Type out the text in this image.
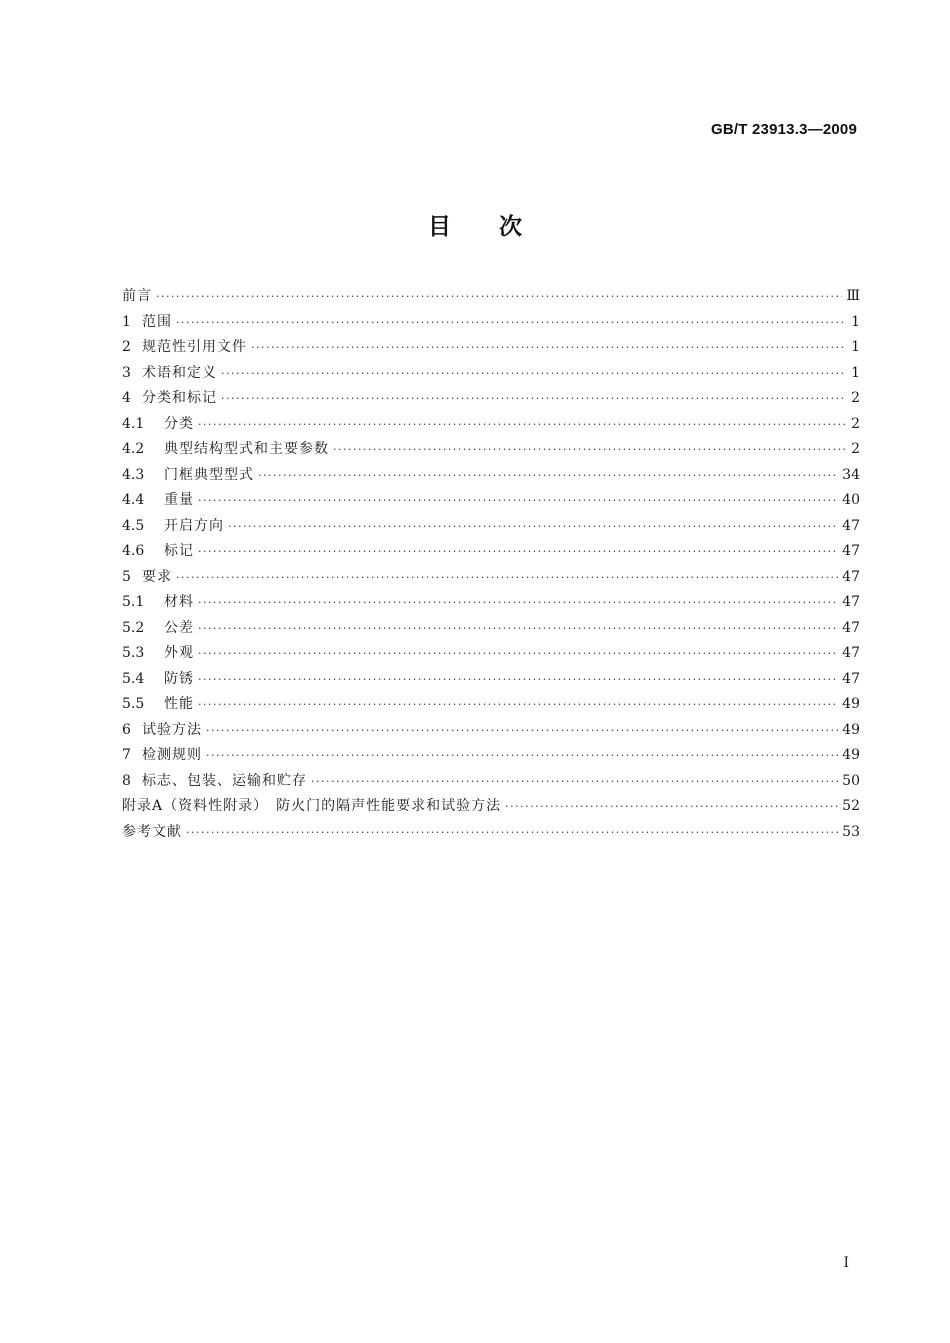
GB/T 23913.3—2009
目 次
前言 ·····	Ⅲ
1 范围 ·····	1
2 规范性引用文件 ·····	1
3 术语和定义 ·····	1
4 分类和标记 ·····	2
4.1	分类 ·····	2
4.2	典型结构型式和主要参数 ·····	2
4.3	门框典型型式 ·····	34
4.4	重量 ·····	40
4.5	开启方向 ·····	47
4.6	标记 ·····	47
5 要求 ·····	47
5.1	材料 ·····	47
5.2	公差 ·····	47
5.3	外观 ·····	47
5.4	防锈 ·····	47
5.5	性能 ·····	49
6 试验方法 ·····	49
7 检测规则 ·····	49
8 标志、包装、运输和贮存 ·····	50
附录A（资料性附录）　防火门的隔声性能要求和试验方法 ·····	52
参考文献 ·····	53
I
